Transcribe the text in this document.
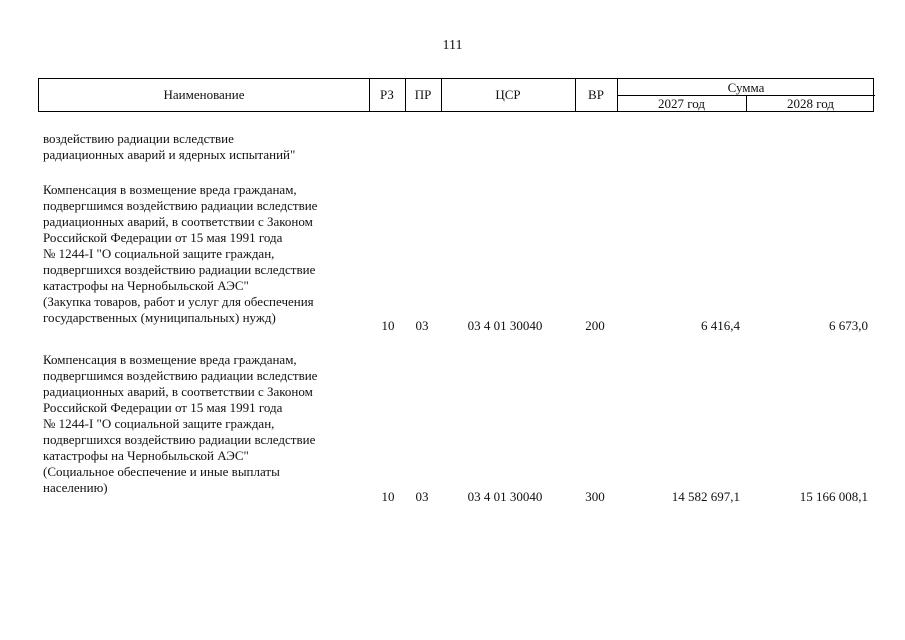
111
Наименование	РЗ	ПР	ЦСР	ВР	Сумма
2027 год	2028 год
воздействию радиации вследствие
радиационных аварий и ядерных испытаний"
Компенсация в возмещение вреда гражданам,
подвергшимся воздействию радиации вследствие
радиационных аварий, в соответствии с Законом
Российской Федерации от 15 мая 1991 года
№ 1244-I "О социальной защите граждан,
подвергшихся воздействию радиации вследствие
катастрофы на Чернобыльской АЭС"
(Закупка товаров, работ и услуг для обеспечения
государственных (муниципальных) нужд)
10	03	03 4 01 30040	200	6 416,4	6 673,0
Компенсация в возмещение вреда гражданам,
подвергшимся воздействию радиации вследствие
радиационных аварий, в соответствии с Законом
Российской Федерации от 15 мая 1991 года
№ 1244-I "О социальной защите граждан,
подвергшихся воздействию радиации вследствие
катастрофы на Чернобыльской АЭС"
(Социальное обеспечение и иные выплаты
населению)
10	03	03 4 01 30040	300	14 582 697,1	15 166 008,1
